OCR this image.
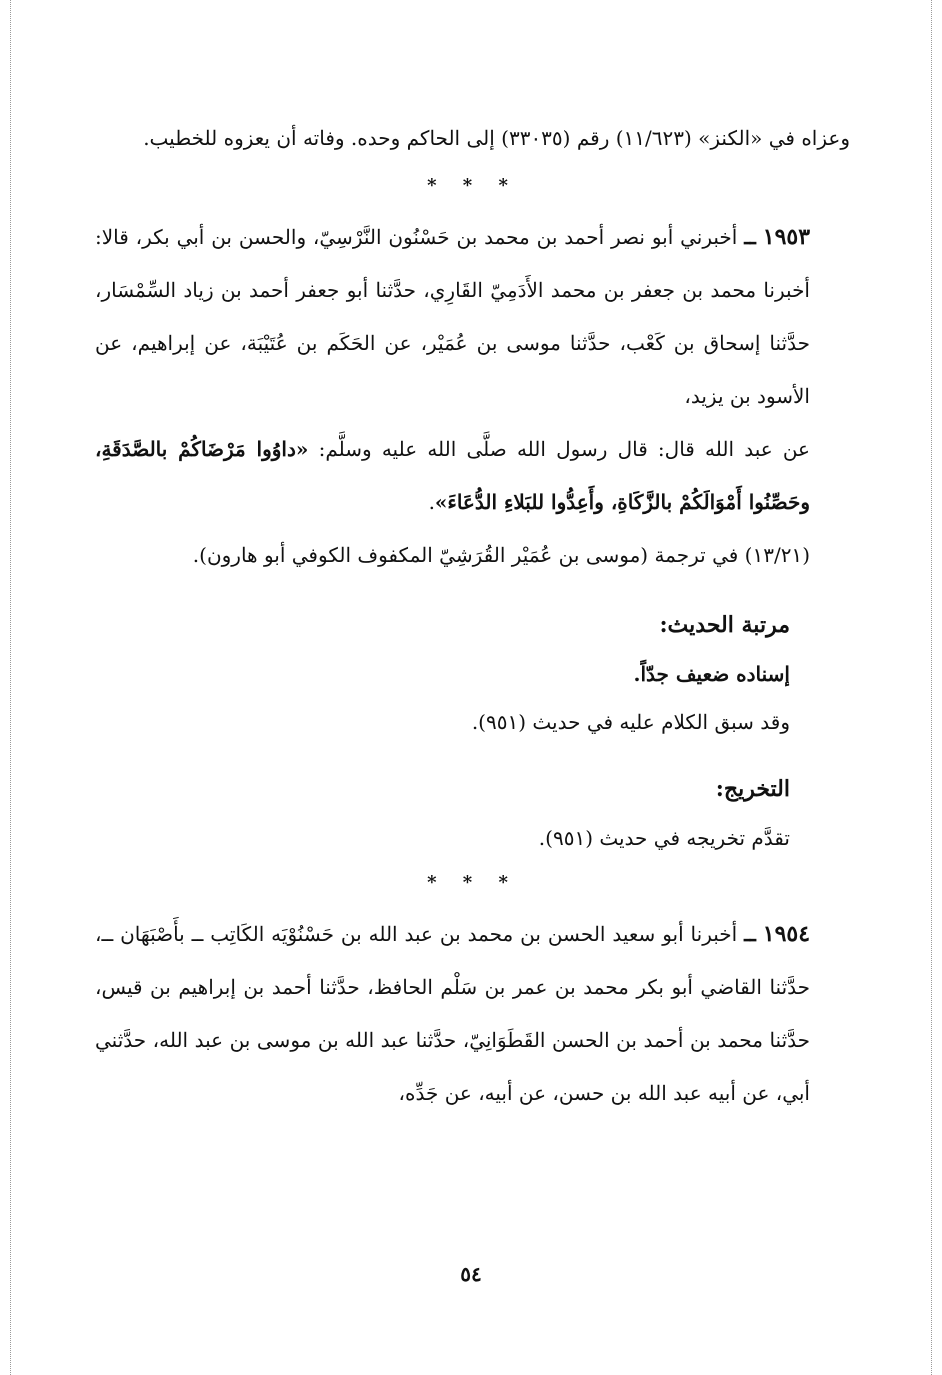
وعزاه في «الكنز» (١١/٦٢٣) رقم (٣٣٠٣٥) إلى الحاكم وحده. وفاته أن يعزوه للخطيب.

* * *

١٩٥٣ ــ أخبرني أبو نصر أحمد بن محمد بن حَسْنُون النَّرْسِيّ، والحسن بن أبي بكر، قالا: أخبرنا محمد بن جعفر بن محمد الأَدَمِيّ القَارِي، حدَّثنا أبو جعفر أحمد بن زياد السِّمْسَار، حدَّثنا إسحاق بن كَعْب، حدَّثنا موسى بن عُمَيْر، عن الحَكَم بن عُتَيْبَة، عن إبراهيم، عن الأسود بن يزيد،

عن عبد الله قال: قال رسول الله صلَّى الله عليه وسلَّم: «داوُوا مَرْضَاكُمْ بالصَّدَقَةِ، وحَصِّنُوا أَمْوَالَكُمْ بالزَّكَاةِ، وأَعِدُّوا للبَلاءِ الدُّعَاءَ».

(١٣/٢١) في ترجمة (موسى بن عُمَيْر القُرَشِيّ المكفوف الكوفي أبو هارون).

مرتبة الحديث:
إسناده ضعيف جدّاً.
وقد سبق الكلام عليه في حديث (٩٥١).
التخريج:
تقدَّم تخريجه في حديث (٩٥١).
* * *

١٩٥٤ ــ أخبرنا أبو سعيد الحسن بن محمد بن عبد الله بن حَسْنُوْيَه الكَاتِب ــ بأَصْبَهَان ــ، حدَّثنا القاضي أبو بكر محمد بن عمر بن سَلْم الحافظ، حدَّثنا أحمد بن إبراهيم بن قيس، حدَّثنا محمد بن أحمد بن الحسن القَطَوَانِيّ، حدَّثنا عبد الله بن موسى بن عبد الله، حدَّثني أبي، عن أبيه عبد الله بن حسن، عن أبيه، عن جَدِّه،

٥٤
